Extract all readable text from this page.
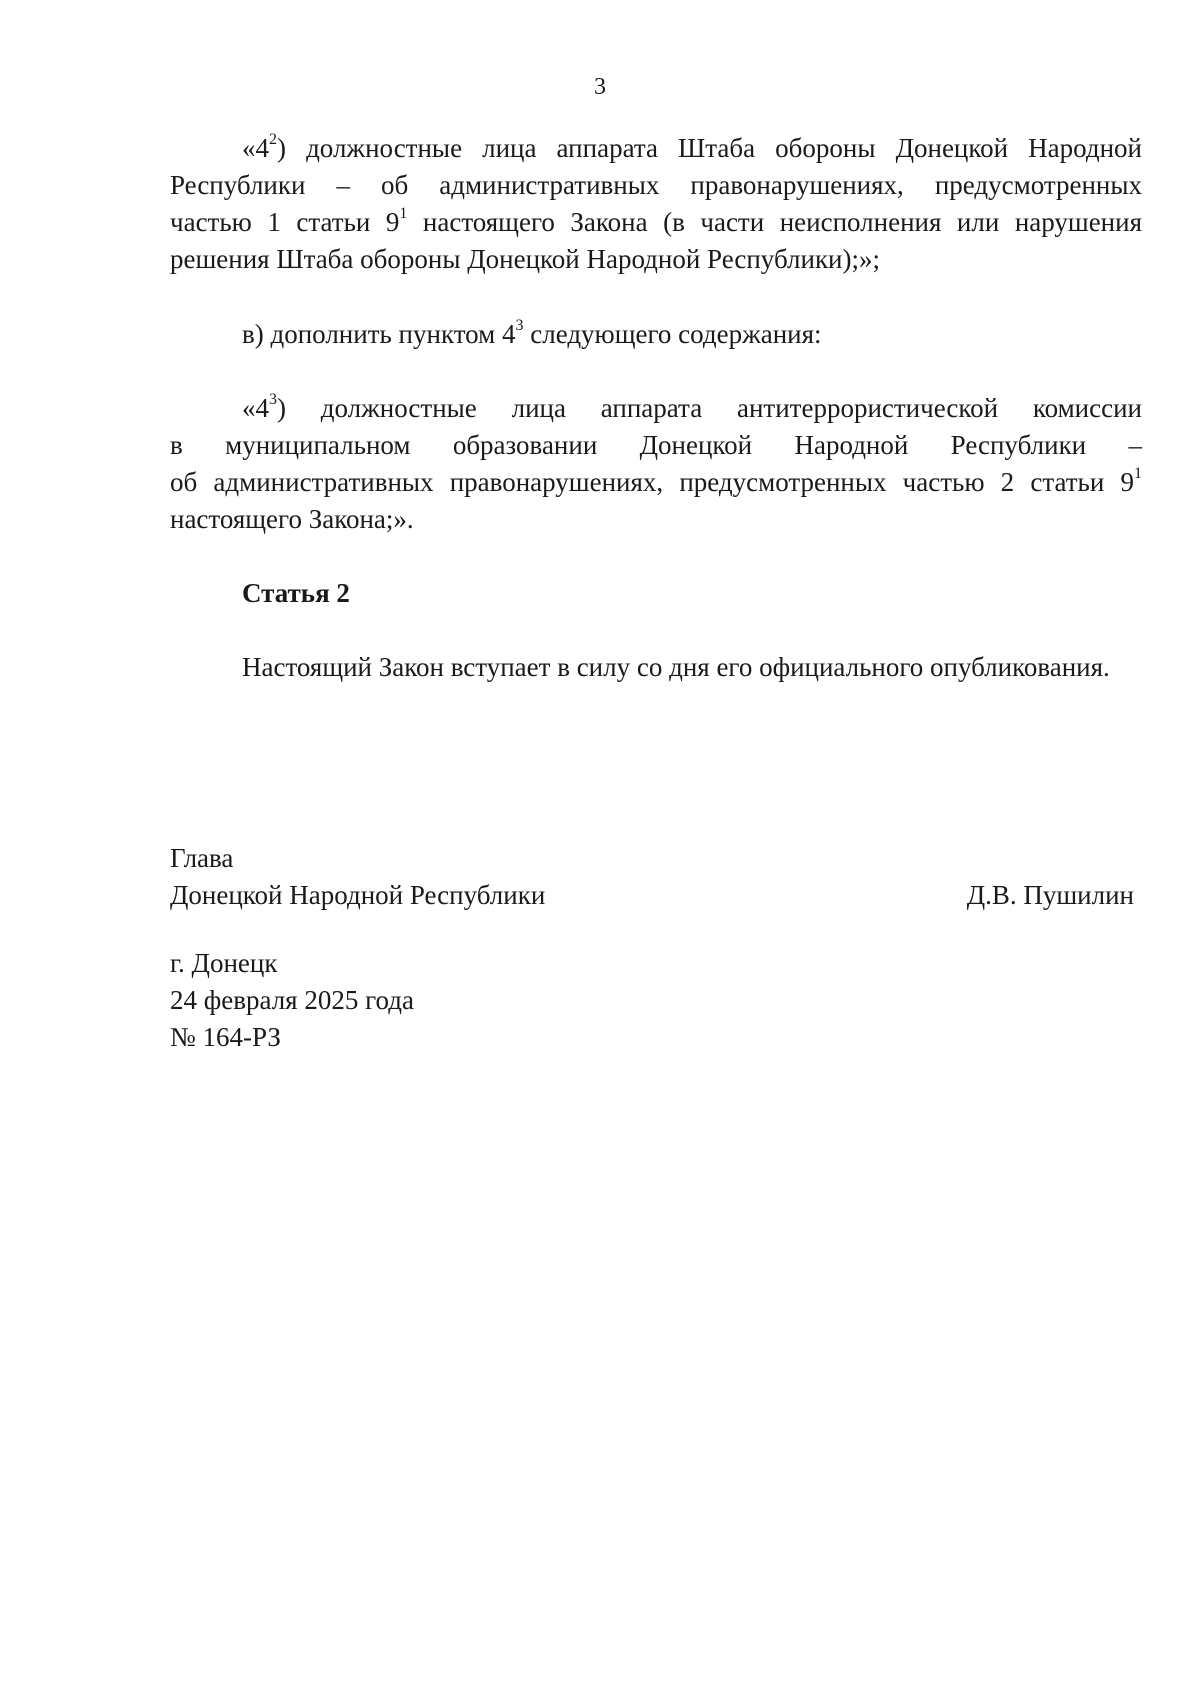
3
«$4^2$) должностные лица аппарата Штаба обороны Донецкой Народной
Республики – об административных правонарушениях, предусмотренных
частью 1 статьи $9^1$ настоящего Закона (в части неисполнения или нарушения
решения Штаба обороны Донецкой Народной Республики);»;
в) дополнить пунктом $4^3$ следующего содержания:
«$4^3$) должностные лица аппарата антитеррористической комиссии
в муниципальном образовании Донецкой Народной Республики –
об административных правонарушениях, предусмотренных частью 2 статьи $9^1$
настоящего Закона;».
Статья 2
Настоящий Закон вступает в силу со дня его официального опубликования.
Глава
Донецкой Народной Республики	Д.В. Пушилин
г. Донецк
24 февраля 2025 года
№ 164-РЗ
